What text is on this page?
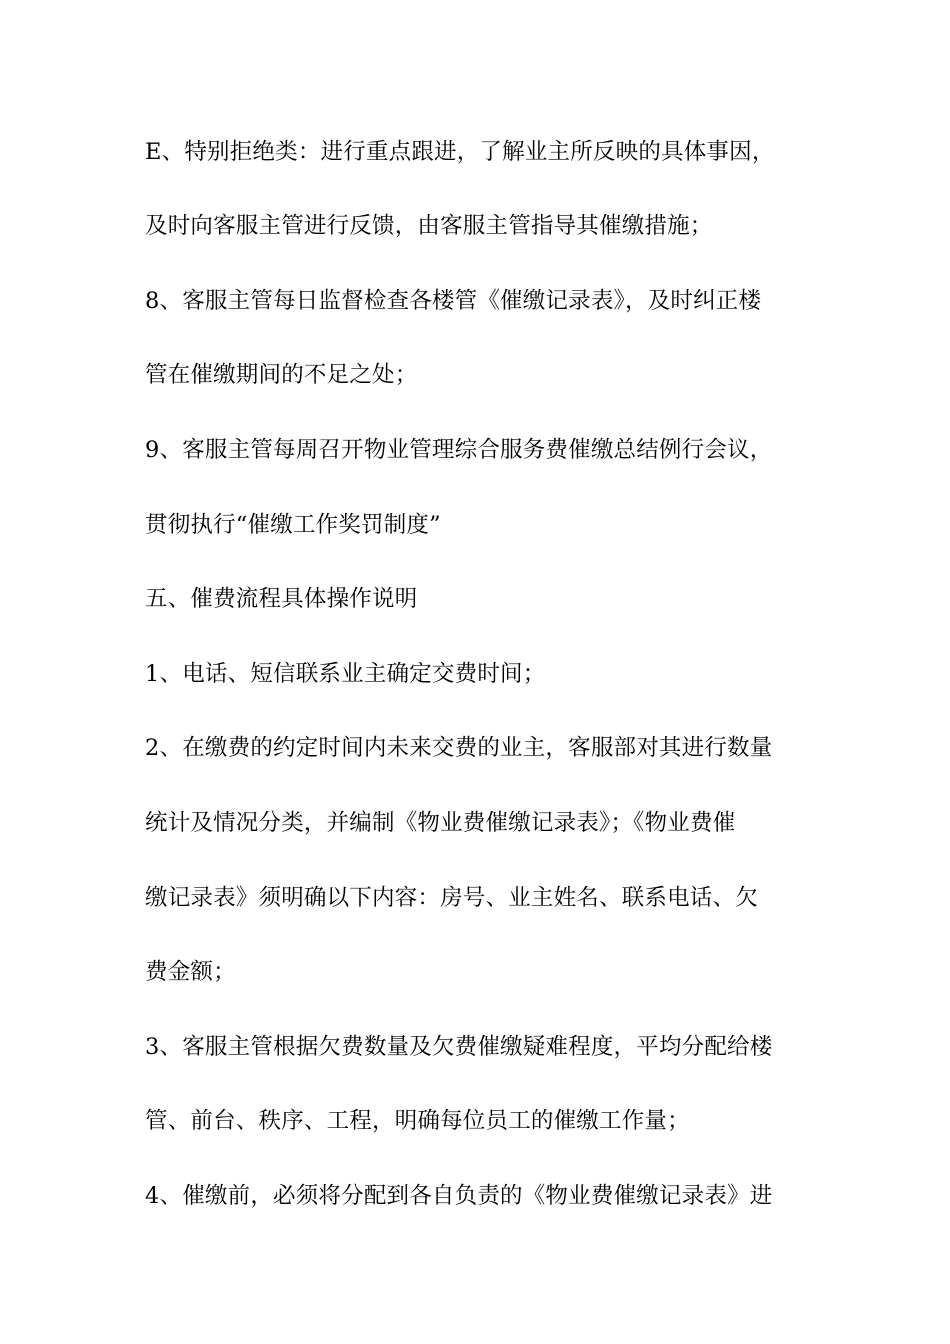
E、特别拒绝类：进行重点跟进，了解业主所反映的具体事因，
及时向客服主管进行反馈，由客服主管指导其催缴措施；
8、客服主管每日监督检查各楼管《催缴记录表》，及时纠正楼
管在催缴期间的不足之处；
9、客服主管每周召开物业管理综合服务费催缴总结例行会议，
贯彻执行“催缴工作奖罚制度”
五、催费流程具体操作说明
1、电话、短信联系业主确定交费时间；
2、在缴费的约定时间内未来交费的业主，客服部对其进行数量
统计及情况分类，并编制《物业费催缴记录表》；《物业费催
缴记录表》须明确以下内容：房号、业主姓名、联系电话、欠
费金额；
3、客服主管根据欠费数量及欠费催缴疑难程度，平均分配给楼
管、前台、秩序、工程，明确每位员工的催缴工作量；
4、催缴前，必须将分配到各自负责的《物业费催缴记录表》进
